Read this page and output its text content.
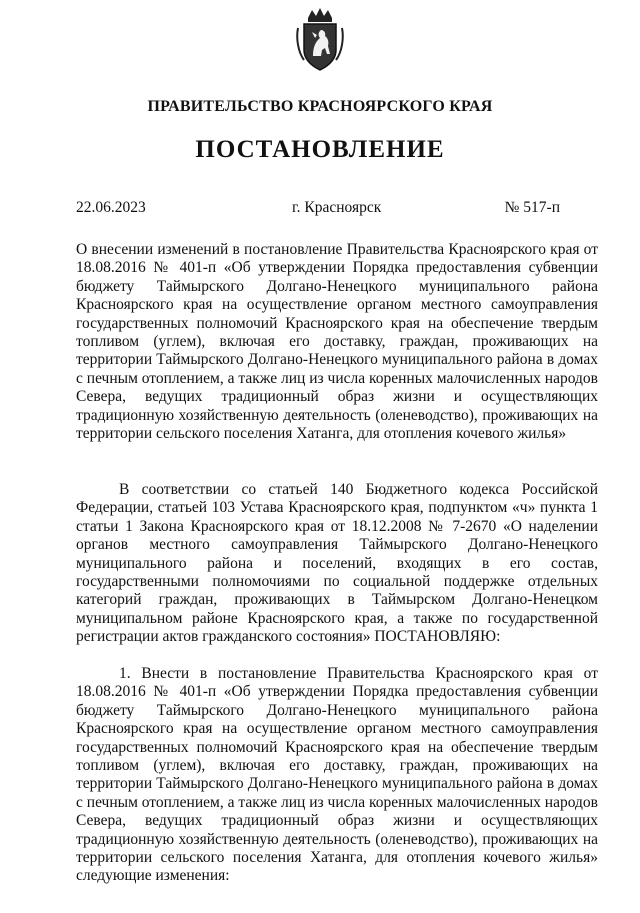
ПРАВИТЕЛЬСТВО КРАСНОЯРСКОГО КРАЯ
ПОСТАНОВЛЕНИЕ
22.06.2023	г. Красноярск	№ 517-п

О внесении изменений в постановление Правительства Красноярского края от 18.08.2016 № 401-п «Об утверждении Порядка предоставления субвенции бюджету Таймырского Долгано-Ненецкого муниципального района Красноярского края на осуществление органом местного самоуправления государственных полномочий Красноярского края на обеспечение твердым топливом (углем), включая его доставку, граждан, проживающих на территории Таймырского Долгано-Ненецкого муниципального района в домах с печным отоплением, а также лиц из числа коренных малочисленных народов Севера, ведущих традиционный образ жизни и осуществляющих традиционную хозяйственную деятельность (оленеводство), проживающих на территории сельского поселения Хатанга, для отопления кочевого жилья»

В соответствии со статьей 140 Бюджетного кодекса Российской Федерации, статьей 103 Устава Красноярского края, подпунктом «ч» пункта 1 статьи 1 Закона Красноярского края от 18.12.2008 № 7-2670 «О наделении органов местного самоуправления Таймырского Долгано-Ненецкого муниципального района и поселений, входящих в его состав, государственными полномочиями по социальной поддержке отдельных категорий граждан, проживающих в Таймырском Долгано-Ненецком муниципальном районе Красноярского края, а также по государственной регистрации актов гражданского состояния» ПОСТАНОВЛЯЮ:

1. Внести в постановление Правительства Красноярского края от 18.08.2016 № 401-п «Об утверждении Порядка предоставления субвенции бюджету Таймырского Долгано-Ненецкого муниципального района Красноярского края на осуществление органом местного самоуправления государственных полномочий Красноярского края на обеспечение твердым топливом (углем), включая его доставку, граждан, проживающих на территории Таймырского Долгано-Ненецкого муниципального района в домах с печным отоплением, а также лиц из числа коренных малочисленных народов Севера, ведущих традиционный образ жизни и осуществляющих традиционную хозяйственную деятельность (оленеводство), проживающих на территории сельского поселения Хатанга, для отопления кочевого жилья» следующие изменения:
